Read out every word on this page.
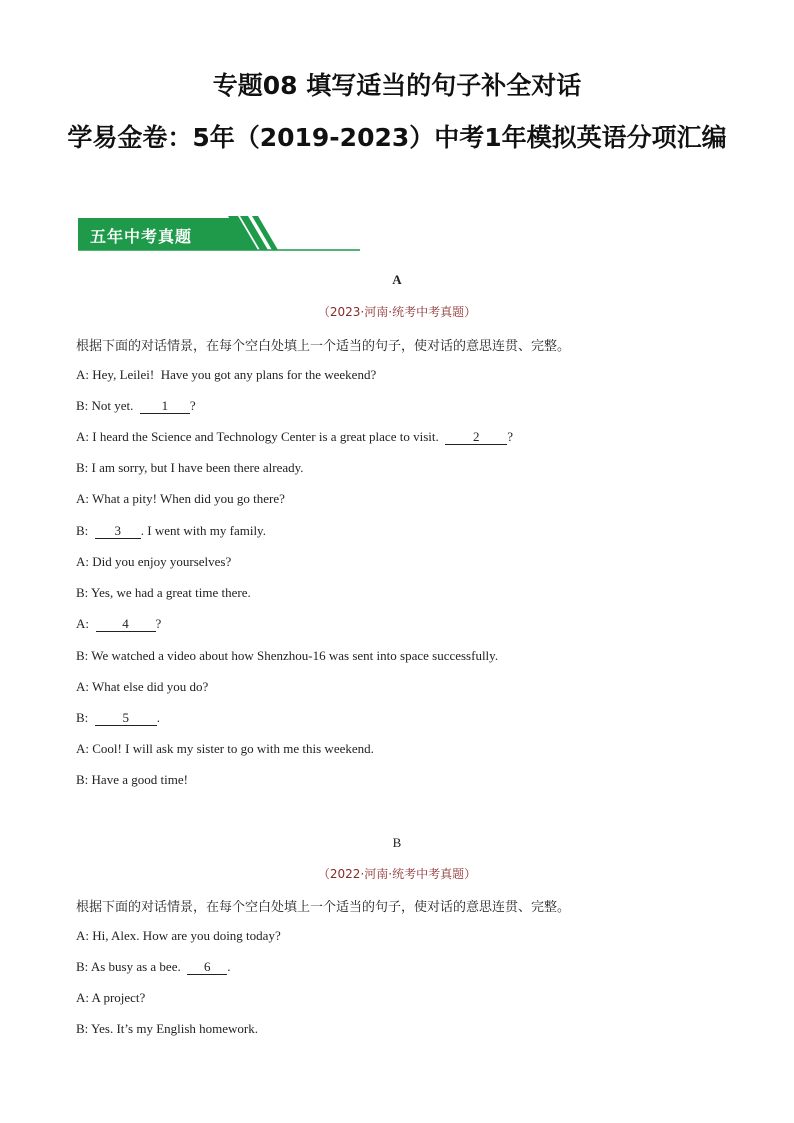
专题08 填写适当的句子补全对话
学易金卷：5年（2019-2023）中考1年模拟英语分项汇编
五年中考真题
A
（2023·河南·统考中考真题）
根据下面的对话情景，在每个空白处填上一个适当的句子，使对话的意思连贯、完整。
A: Hey, Leilei!  Have you got any plans for the weekend?
B: Not yet.  1 ?
A: I heard the Science and Technology Center is a great place to visit.  2 ?
B: I am sorry, but I have been there already.
A: What a pity! When did you go there?
B:  3 . I went with my family.
A: Did you enjoy yourselves?
B: Yes, we had a great time there.
A:  4 ?
B: We watched a video about how Shenzhou-16 was sent into space successfully.
A: What else did you do?
B:  5 .
A: Cool! I will ask my sister to go with me this weekend.
B: Have a good time!
B
（2022·河南·统考中考真题）
根据下面的对话情景，在每个空白处填上一个适当的句子，使对话的意思连贯、完整。
A: Hi, Alex. How are you doing today?
B: As busy as a bee.  6 .
A: A project?
B: Yes. It’s my English homework.
